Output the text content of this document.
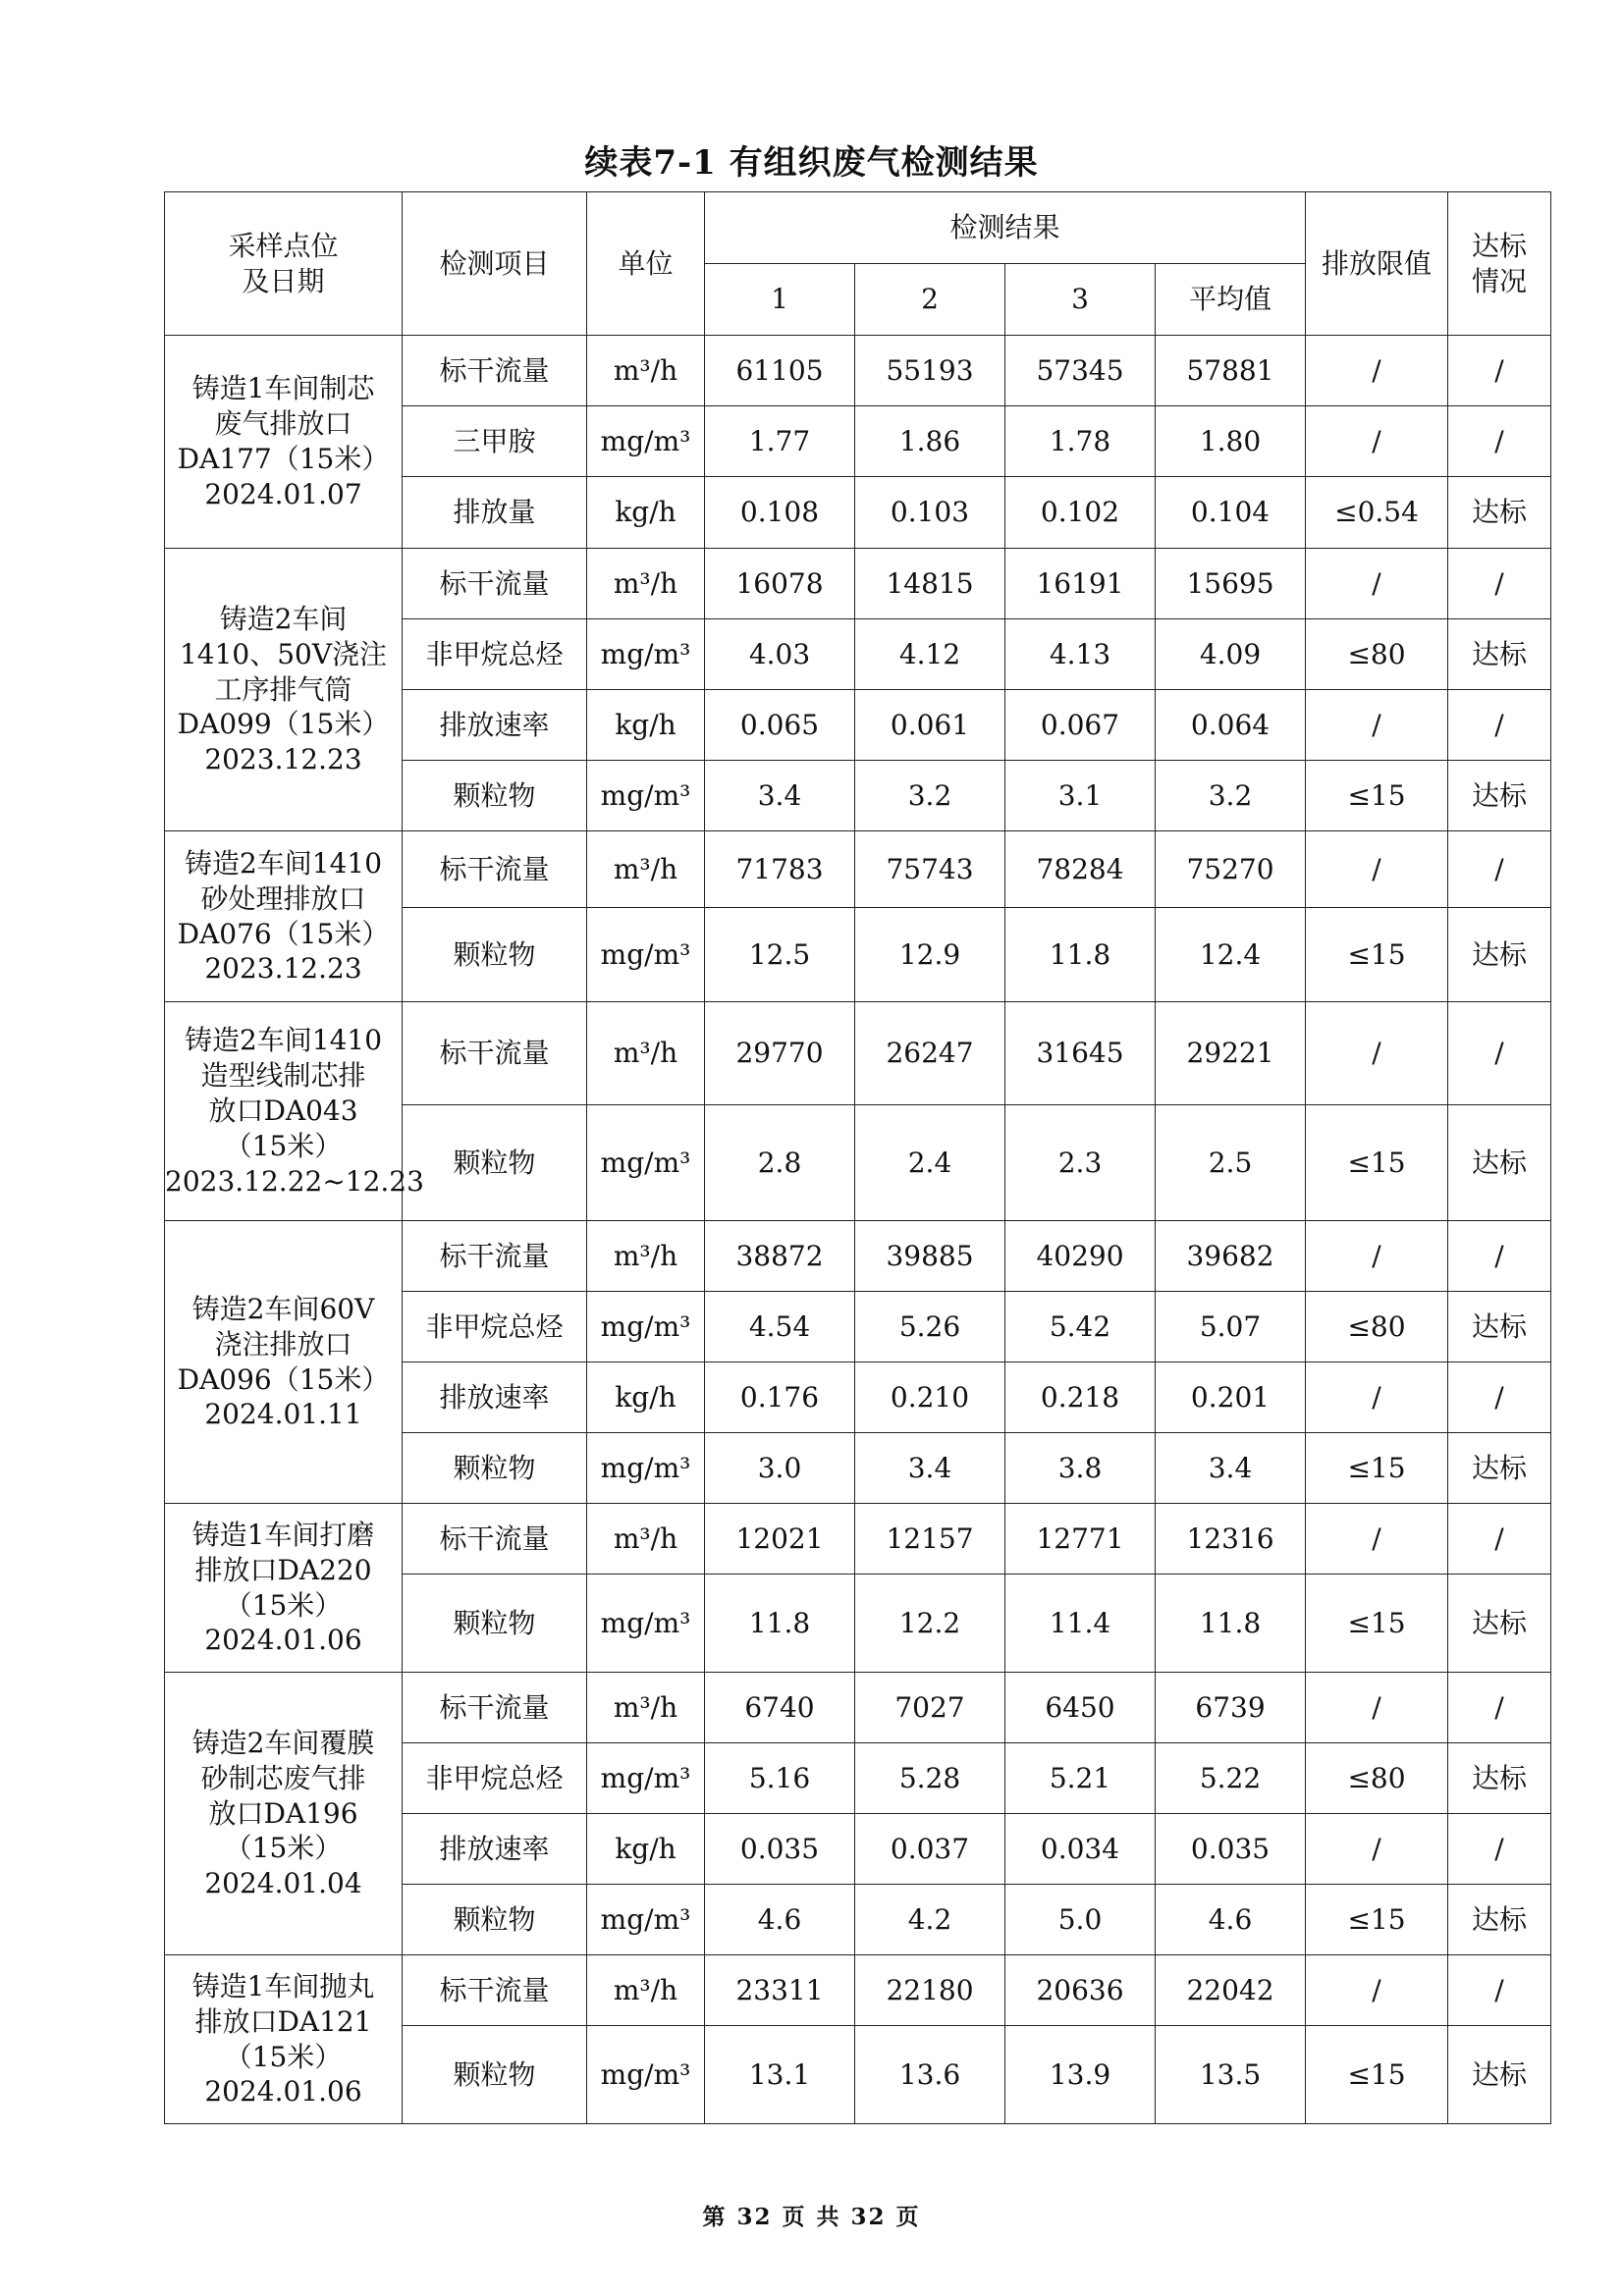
续表7-1 有组织废气检测结果
采样点位
及日期	检测项目	单位	检测结果				排放限值	达标
情况
			1	2	3	平均值		
铸造1车间制芯
废气排放口
DA177（15米）
2024.01.07	标干流量	m³/h	61105	55193	57345	57881	/	/
	三甲胺	mg/m³	1.77	1.86	1.78	1.80	/	/
	排放量	kg/h	0.108	0.103	0.102	0.104	≤0.54	达标
铸造2车间
1410、50V浇注
工序排气筒
DA099（15米）
2023.12.23	标干流量	m³/h	16078	14815	16191	15695	/	/
	非甲烷总烃	mg/m³	4.03	4.12	4.13	4.09	≤80	达标
	排放速率	kg/h	0.065	0.061	0.067	0.064	/	/
	颗粒物	mg/m³	3.4	3.2	3.1	3.2	≤15	达标
铸造2车间1410
砂处理排放口
DA076（15米）
2023.12.23	标干流量	m³/h	71783	75743	78284	75270	/	/
	颗粒物	mg/m³	12.5	12.9	11.8	12.4	≤15	达标
铸造2车间1410
造型线制芯排
放口DA043
（15米）
2023.12.22~12.23	标干流量	m³/h	29770	26247	31645	29221	/	/
	颗粒物	mg/m³	2.8	2.4	2.3	2.5	≤15	达标
铸造2车间60V
浇注排放口
DA096（15米）
2024.01.11	标干流量	m³/h	38872	39885	40290	39682	/	/
	非甲烷总烃	mg/m³	4.54	5.26	5.42	5.07	≤80	达标
	排放速率	kg/h	0.176	0.210	0.218	0.201	/	/
	颗粒物	mg/m³	3.0	3.4	3.8	3.4	≤15	达标
铸造1车间打磨
排放口DA220
（15米）
2024.01.06	标干流量	m³/h	12021	12157	12771	12316	/	/
	颗粒物	mg/m³	11.8	12.2	11.4	11.8	≤15	达标
铸造2车间覆膜
砂制芯废气排
放口DA196
（15米）
2024.01.04	标干流量	m³/h	6740	7027	6450	6739	/	/
	非甲烷总烃	mg/m³	5.16	5.28	5.21	5.22	≤80	达标
	排放速率	kg/h	0.035	0.037	0.034	0.035	/	/
	颗粒物	mg/m³	4.6	4.2	5.0	4.6	≤15	达标
铸造1车间抛丸
排放口DA121
（15米）
2024.01.06	标干流量	m³/h	23311	22180	20636	22042	/	/
	颗粒物	mg/m³	13.1	13.6	13.9	13.5	≤15	达标
第 32 页 共 32 页
